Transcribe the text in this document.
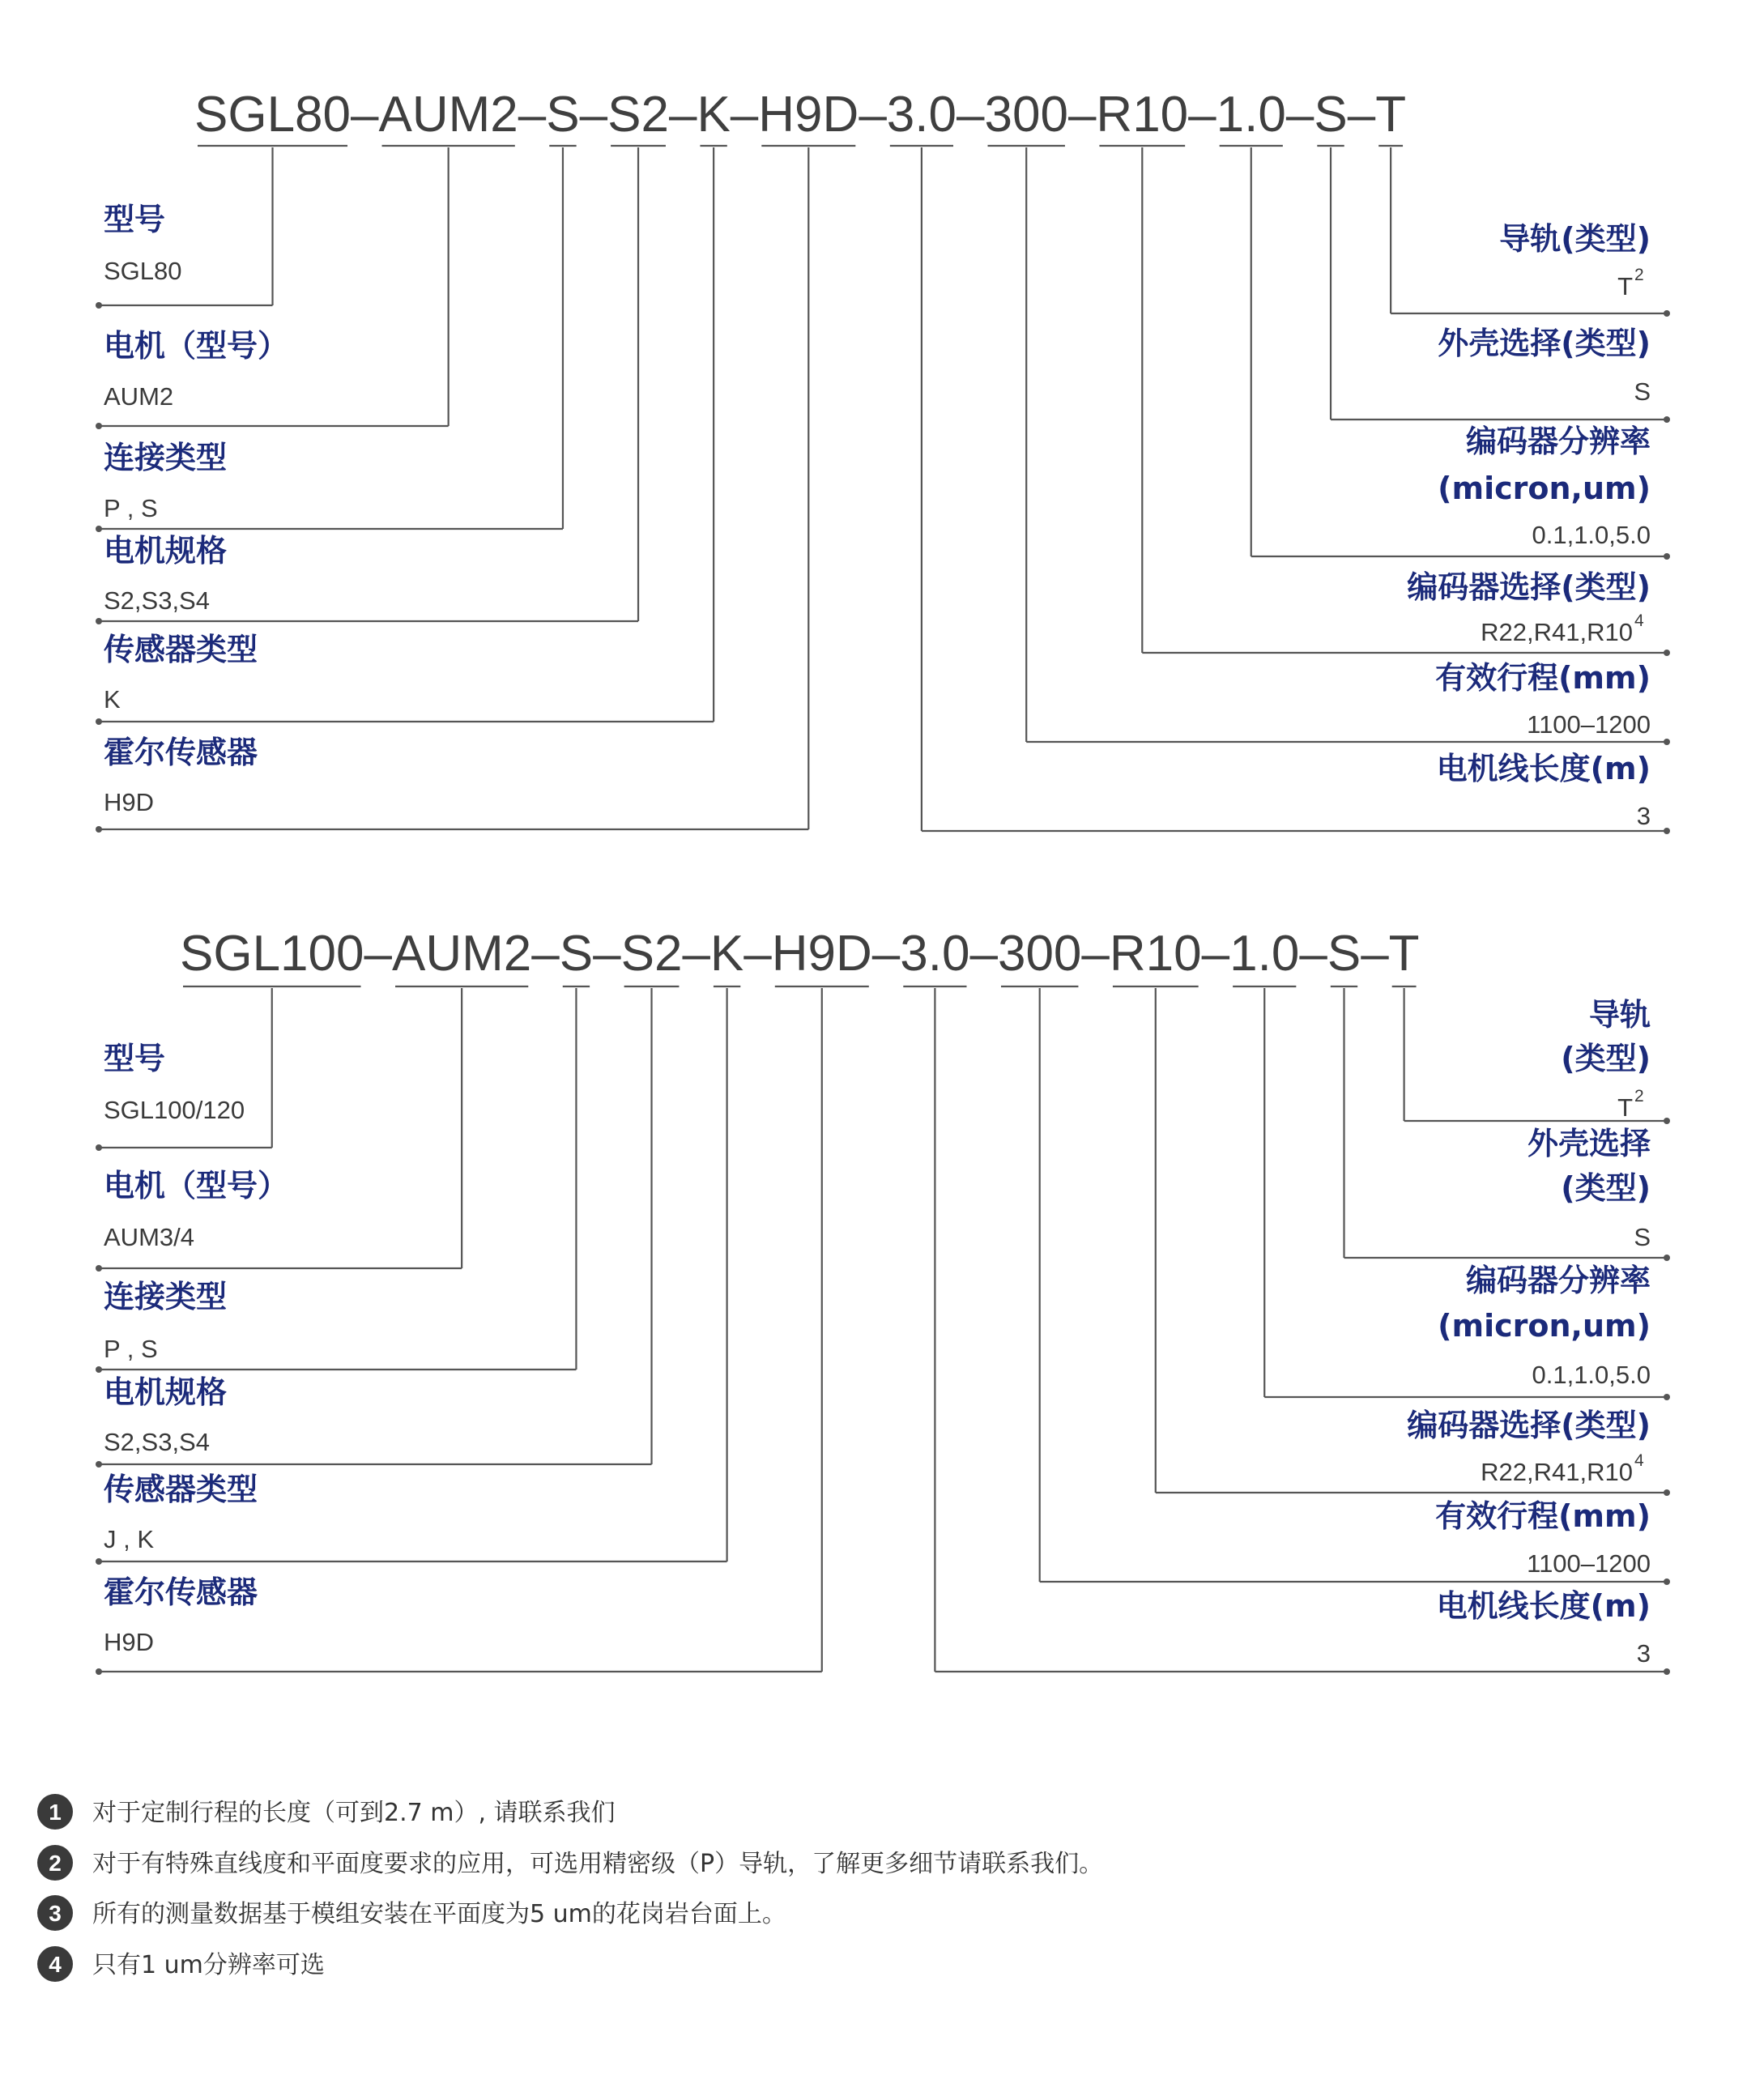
SGL80–AUM2–S–S2–K–H9D–3.0–300–R10–1.0–S–T
型号
SGL80
电机（型号）
AUM2
连接类型
P , S
电机规格
S2,S3,S4
传感器类型
K
霍尔传感器
H9D
导轨(类型)
T 2
外壳选择(类型)
S
编码器分辨率
(micron,um)
0.1,1.0,5.0
编码器选择(类型)
R22,R41,R10 4
有效行程(mm)
1100–1200
电机线长度(m)
3
SGL100–AUM2–S–S2–K–H9D–3.0–300–R10–1.0–S–T
型号
SGL100/120
电机（型号）
AUM3/4
连接类型
P , S
电机规格
S2,S3,S4
传感器类型
J , K
霍尔传感器
H9D
导轨
(类型)
T 2
外壳选择
(类型)
S
编码器分辨率
(micron,um)
0.1,1.0,5.0
编码器选择(类型)
R22,R41,R10 4
有效行程(mm)
1100–1200
电机线长度(m)
3
1 对于定制行程的长度（可到2.7 m）, 请联系我们
2 对于有特殊直线度和平面度要求的应用，可选用精密级（P）导轨，了解更多细节请联系我们。
3 所有的测量数据基于模组安装在平面度为5 um的花岗岩台面上。
4 只有1 um分辨率可选
